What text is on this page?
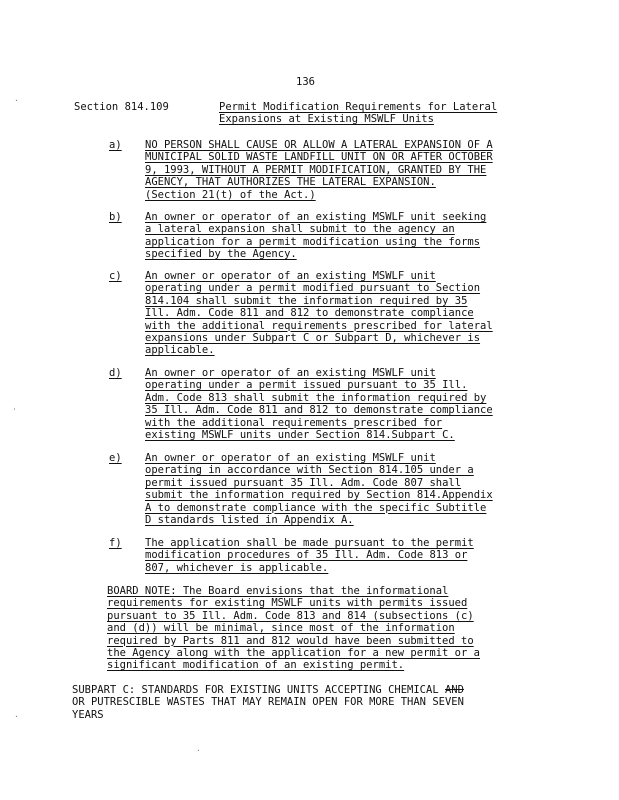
136
Section 814.109	Permit Modification Requirements for Lateral
Expansions at Existing MSWLF Units
a) NO PERSON SHALL CAUSE OR ALLOW A LATERAL EXPANSION OF A
MUNICIPAL SOLID WASTE LANDFILL UNIT ON OR AFTER OCTOBER
9, 1993, WITHOUT A PERMIT MODIFICATION, GRANTED BY THE
AGENCY, THAT AUTHORIZES THE LATERAL EXPANSION.
(Section 21(t) of the Act.)
b) An owner or operator of an existing MSWLF unit seeking
a lateral expansion shall submit to the agency an
application for a permit modification using the forms
specified by the Agency.
c) An owner or operator of an existing MSWLF unit
operating under a permit modified pursuant to Section
814.104 shall submit the information required by 35
Ill. Adm. Code 811 and 812 to demonstrate compliance
with the additional requirements prescribed for lateral
expansions under Subpart C or Subpart D, whichever is
applicable.
d) An owner or operator of an existing MSWLF unit
operating under a permit issued pursuant to 35 Ill.
Adm. Code 813 shall submit the information required by
35 Ill. Adm. Code 811 and 812 to demonstrate compliance
with the additional requirements prescribed for
existing MSWLF units under Section 814.Subpart C.
e) An owner or operator of an existing MSWLF unit
operating in accordance with Section 814.105 under a
permit issued pursuant 35 Ill. Adm. Code 807 shall
submit the information required by Section 814.Appendix
A to demonstrate compliance with the specific Subtitle
D standards listed in Appendix A.
f) The application shall be made pursuant to the permit
modification procedures of 35 Ill. Adm. Code 813 or
807, whichever is applicable.
BOARD NOTE: The Board envisions that the informational
requirements for existing MSWLF units with permits issued
pursuant to 35 Ill. Adm. Code 813 and 814 (subsections (c)
and (d)) will be minimal, since most of the information
required by Parts 811 and 812 would have been submitted to
the Agency along with the application for a new permit or a
significant modification of an existing permit.
SUBPART C: STANDARDS FOR EXISTING UNITS ACCEPTING CHEMICAL AND
OR PUTRESCIBLE WASTES THAT MAY REMAIN OPEN FOR MORE THAN SEVEN
YEARS
·
ˌ
·
·
